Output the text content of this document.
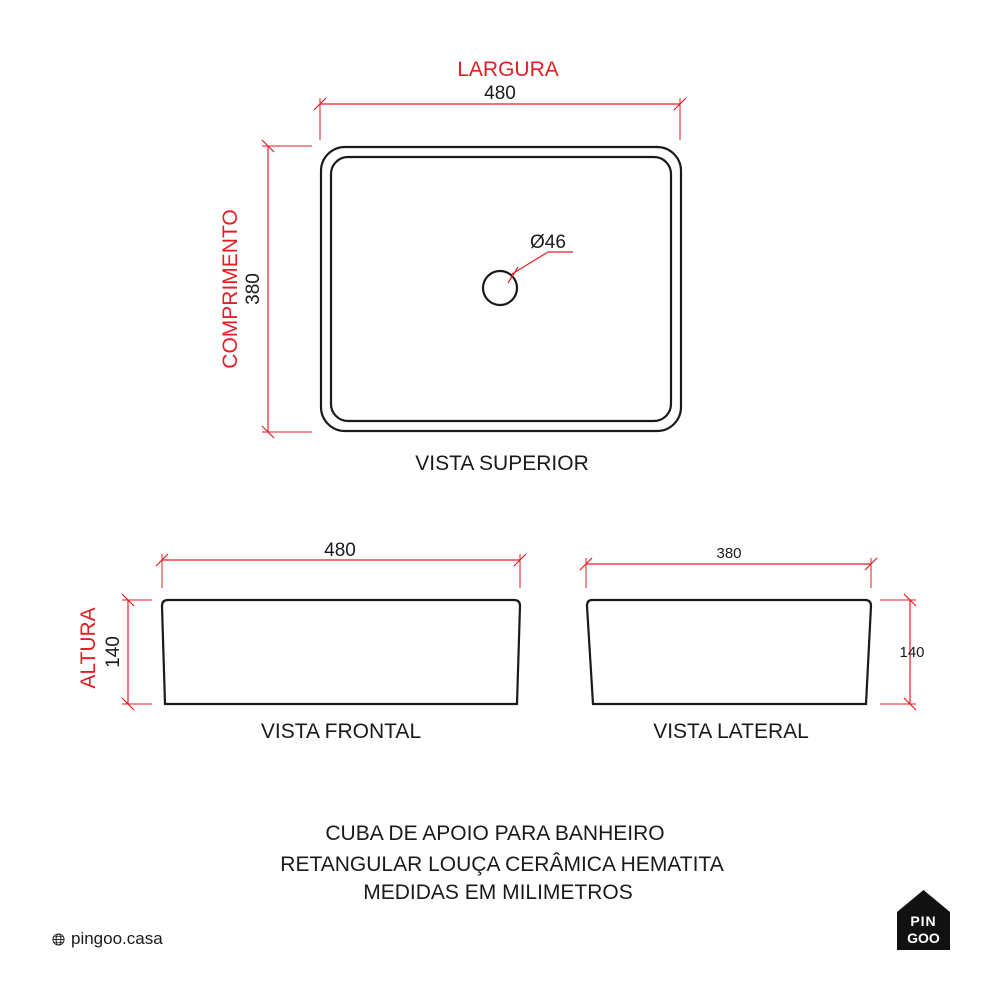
LARGURA
480
COMPRIMENTO 380
Ø46
VISTA SUPERIOR
480
ALTURA 140
VISTA FRONTAL
380
140
VISTA LATERAL
CUBA DE APOIO PARA BANHEIRO
RETANGULAR LOUÇA CERÂMICA HEMATITA
MEDIDAS EM MILIMETROS
pingoo.casa
PIN
GOO
